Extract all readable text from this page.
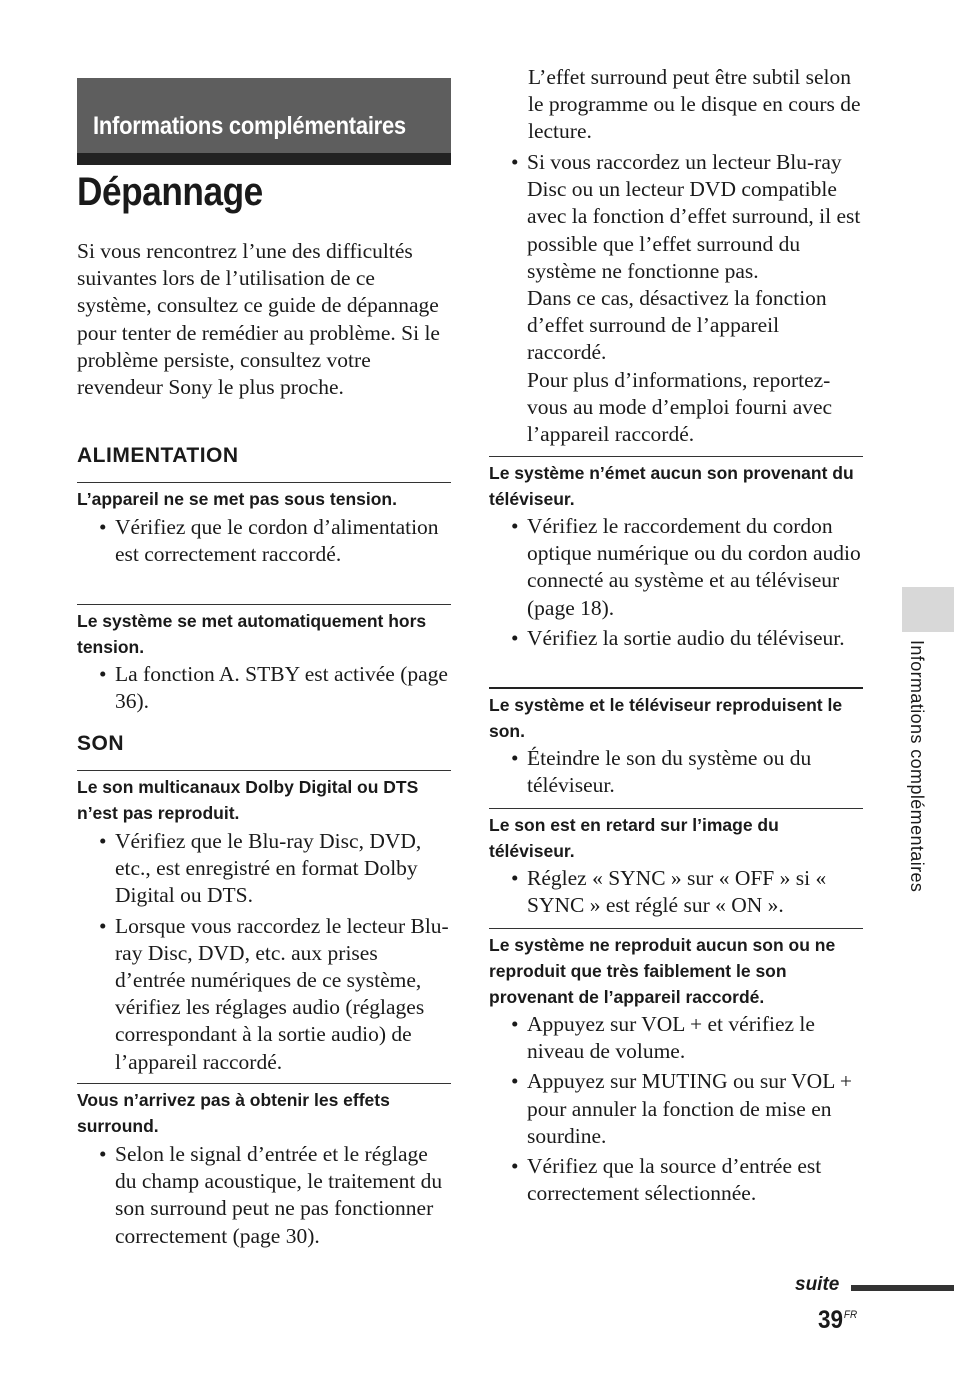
Informations complémentaires
Dépannage
Si vous rencontrez l’une des difficultés suivantes lors de l’utilisation de ce système, consultez ce guide de dépannage pour tenter de remédier au problème. Si le problème persiste, consultez votre revendeur Sony le plus proche.
ALIMENTATION
L’appareil ne se met pas sous tension.
• Vérifiez que le cordon d’alimentation est correctement raccordé.
Le système se met automatiquement hors tension.
• La fonction A. STBY est activée (page 36).
SON
Le son multicanaux Dolby Digital ou DTS n’est pas reproduit.
• Vérifiez que le Blu-ray Disc, DVD, etc., est enregistré en format Dolby Digital ou DTS.
• Lorsque vous raccordez le lecteur Blu-ray Disc, DVD, etc. aux prises d’entrée numériques de ce système, vérifiez les réglages audio (réglages correspondant à la sortie audio) de l’appareil raccordé.
Vous n’arrivez pas à obtenir les effets surround.
• Selon le signal d’entrée et le réglage du champ acoustique, le traitement du son surround peut ne pas fonctionner correctement (page 30).
L’effet surround peut être subtil selon le programme ou le disque en cours de lecture.
• Si vous raccordez un lecteur Blu-ray Disc ou un lecteur DVD compatible avec la fonction d’effet surround, il est possible que l’effet surround du système ne fonctionne pas.
Dans ce cas, désactivez la fonction d’effet surround de l’appareil raccordé.
Pour plus d’informations, reportez-vous au mode d’emploi fourni avec l’appareil raccordé.
Le système n’émet aucun son provenant du téléviseur.
• Vérifiez le raccordement du cordon optique numérique ou du cordon audio connecté au système et au téléviseur (page 18).
• Vérifiez la sortie audio du téléviseur.
Le système et le téléviseur reproduisent le son.
• Éteindre le son du système ou du téléviseur.
Le son est en retard sur l’image du téléviseur.
• Réglez « SYNC » sur « OFF » si « SYNC » est réglé sur « ON ».
Le système ne reproduit aucun son ou ne reproduit que très faiblement le son provenant de l’appareil raccordé.
• Appuyez sur VOL + et vérifiez le niveau de volume.
• Appuyez sur MUTING ou sur VOL + pour annuler la fonction de mise en sourdine.
• Vérifiez que la source d’entrée est correctement sélectionnée.
Informations complémentaires
suite
$39^{FR}$
